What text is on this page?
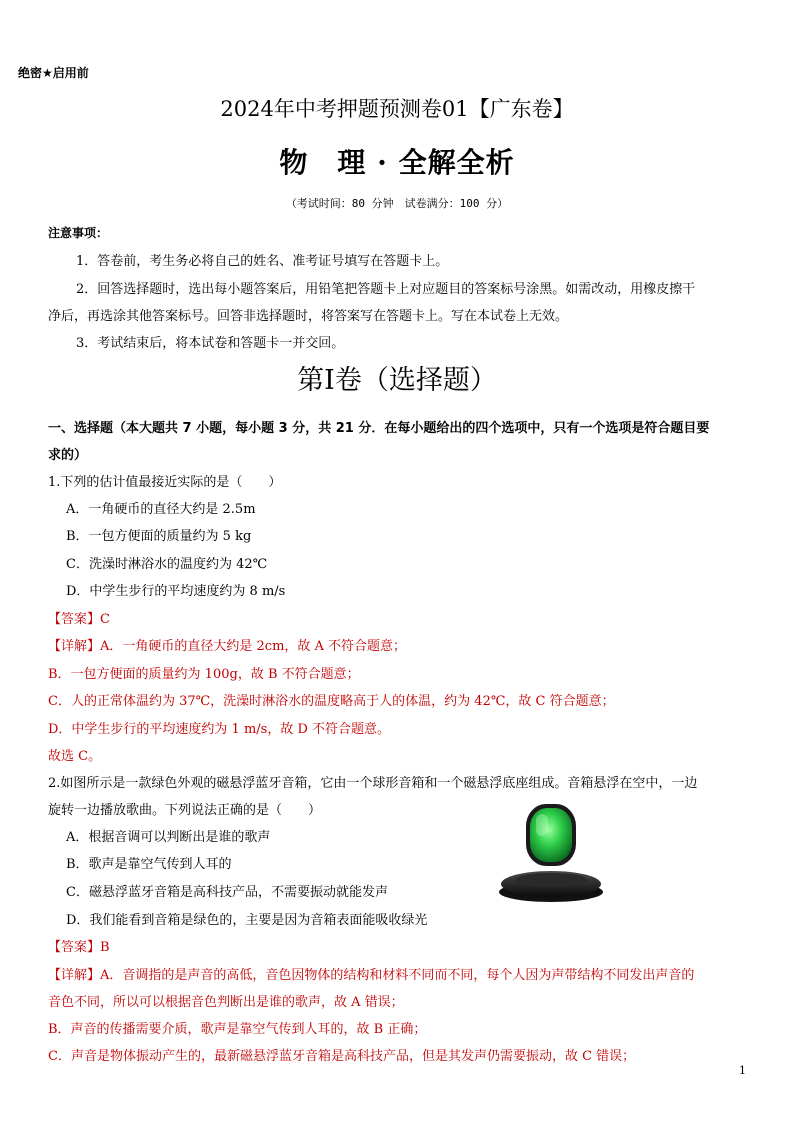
绝密★启用前
2024年中考押题预测卷01【广东卷】
物　理 · 全解全析
（考试时间：80 分钟　试卷满分：100 分）
注意事项：
1．答卷前，考生务必将自己的姓名、准考证号填写在答题卡上。
2．回答选择题时，选出每小题答案后，用铅笔把答题卡上对应题目的答案标号涂黑。如需改动，用橡皮擦干
净后，再选涂其他答案标号。回答非选择题时，将答案写在答题卡上。写在本试卷上无效。
3．考试结束后，将本试卷和答题卡一并交回。
第Ⅰ卷（选择题）
一、选择题（本大题共 7 小题，每小题 3 分，共 21 分．在每小题给出的四个选项中，只有一个选项是符合题目要
求的）
1.下列的估计值最接近实际的是（　　）
A．一角硬币的直径大约是 2.5m
B．一包方便面的质量约为 5 kg
C．洗澡时淋浴水的温度约为 42℃
D．中学生步行的平均速度约为 8 m/s
【答案】C
【详解】A．一角硬币的直径大约是 2cm，故 A 不符合题意；
B．一包方便面的质量约为 100g，故 B 不符合题意；
C．人的正常体温约为 37℃，洗澡时淋浴水的温度略高于人的体温，约为 42℃，故 C 符合题意；
D．中学生步行的平均速度约为 1 m/s，故 D 不符合题意。
故选 C。
2.如图所示是一款绿色外观的磁悬浮蓝牙音箱，它由一个球形音箱和一个磁悬浮底座组成。音箱悬浮在空中，一边
旋转一边播放歌曲。下列说法正确的是（　　）
A．根据音调可以判断出是谁的歌声
B．歌声是靠空气传到人耳的
C．磁悬浮蓝牙音箱是高科技产品，不需要振动就能发声
D．我们能看到音箱是绿色的，主要是因为音箱表面能吸收绿光
【答案】B
【详解】A．音调指的是声音的高低，音色因物体的结构和材料不同而不同，每个人因为声带结构不同发出声音的
音色不同，所以可以根据音色判断出是谁的歌声，故 A 错误；
B．声音的传播需要介质，歌声是靠空气传到人耳的，故 B 正确；
C．声音是物体振动产生的，最新磁悬浮蓝牙音箱是高科技产品，但是其发声仍需要振动，故 C 错误；
1
